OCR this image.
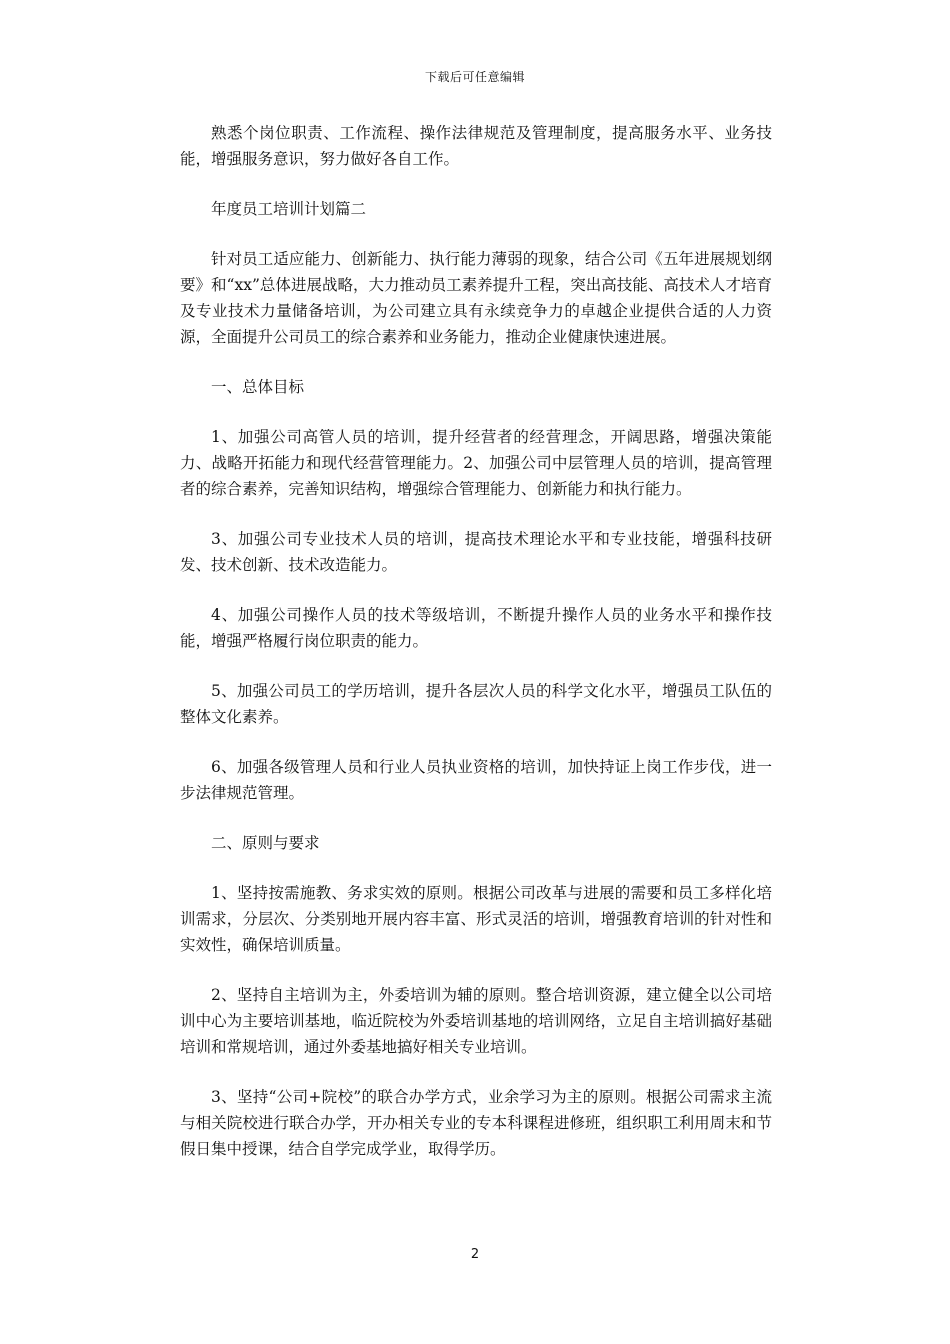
下载后可任意编辑

熟悉个岗位职责、工作流程、操作法律规范及管理制度，提高服务水平、业务技能，增强服务意识，努力做好各自工作。

年度员工培训计划篇二

针对员工适应能力、创新能力、执行能力薄弱的现象，结合公司《五年进展规划纲要》和“xx”总体进展战略，大力推动员工素养提升工程，突出高技能、高技术人才培育及专业技术力量储备培训，为公司建立具有永续竞争力的卓越企业提供合适的人力资源，全面提升公司员工的综合素养和业务能力，推动企业健康快速进展。

一、总体目标

1、加强公司高管人员的培训，提升经营者的经营理念，开阔思路，增强决策能力、战略开拓能力和现代经营管理能力。2、加强公司中层管理人员的培训，提高管理者的综合素养，完善知识结构，增强综合管理能力、创新能力和执行能力。

3、加强公司专业技术人员的培训，提高技术理论水平和专业技能，增强科技研发、技术创新、技术改造能力。

4、加强公司操作人员的技术等级培训，不断提升操作人员的业务水平和操作技能，增强严格履行岗位职责的能力。

5、加强公司员工的学历培训，提升各层次人员的科学文化水平，增强员工队伍的整体文化素养。

6、加强各级管理人员和行业人员执业资格的培训，加快持证上岗工作步伐，进一步法律规范管理。

二、原则与要求

1、坚持按需施教、务求实效的原则。根据公司改革与进展的需要和员工多样化培训需求，分层次、分类别地开展内容丰富、形式灵活的培训，增强教育培训的针对性和实效性，确保培训质量。

2、坚持自主培训为主，外委培训为辅的原则。整合培训资源，建立健全以公司培训中心为主要培训基地，临近院校为外委培训基地的培训网络，立足自主培训搞好基础培训和常规培训，通过外委基地搞好相关专业培训。

3、坚持“公司+院校”的联合办学方式，业余学习为主的原则。根据公司需求主流与相关院校进行联合办学，开办相关专业的专本科课程进修班，组织职工利用周末和节假日集中授课，结合自学完成学业，取得学历。

2
